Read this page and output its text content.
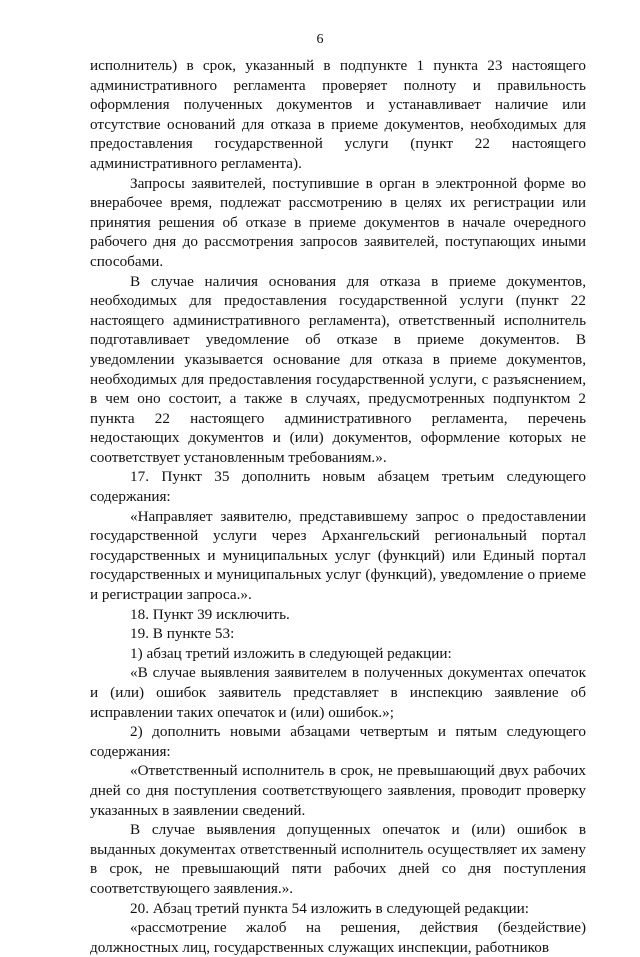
6

исполнитель) в срок, указанный в подпункте 1 пункта 23 настоящего административного регламента проверяет полноту и правильность оформления полученных документов и устанавливает наличие или отсутствие оснований для отказа в приеме документов, необходимых для предоставления государственной услуги (пункт 22 настоящего административного регламента).

Запросы заявителей, поступившие в орган в электронной форме во внерабочее время, подлежат рассмотрению в целях их регистрации или принятия решения об отказе в приеме документов в начале очередного рабочего дня до рассмотрения запросов заявителей, поступающих иными способами.

В случае наличия основания для отказа в приеме документов, необходимых для предоставления государственной услуги (пункт 22 настоящего административного регламента), ответственный исполнитель подготавливает уведомление об отказе в приеме документов. В уведомлении указывается основание для отказа в приеме документов, необходимых для предоставления государственной услуги, с разъяснением, в чем оно состоит, а также в случаях, предусмотренных подпунктом 2 пункта 22 настоящего административного регламента, перечень недостающих документов и (или) документов, оформление которых не соответствует установленным требованиям.».

17. Пункт 35 дополнить новым абзацем третьим следующего содержания:

«Направляет заявителю, представившему запрос о предоставлении государственной услуги через Архангельский региональный портал государственных и муниципальных услуг (функций) или Единый портал государственных и муниципальных услуг (функций), уведомление о приеме и регистрации запроса.».

18. Пункт 39 исключить.

19. В пункте 53:

1) абзац третий изложить в следующей редакции:

«В случае выявления заявителем в полученных документах опечаток и (или) ошибок заявитель представляет в инспекцию заявление об исправлении таких опечаток и (или) ошибок.»;

2) дополнить новыми абзацами четвертым и пятым следующего содержания:

«Ответственный исполнитель в срок, не превышающий двух рабочих дней со дня поступления соответствующего заявления, проводит проверку указанных в заявлении сведений.

В случае выявления допущенных опечаток и (или) ошибок в выданных документах ответственный исполнитель осуществляет их замену в срок, не превышающий пяти рабочих дней со дня поступления соответствующего заявления.».

20. Абзац третий пункта 54 изложить в следующей редакции:

«рассмотрение жалоб на решения, действия (бездействие) должностных лиц, государственных служащих инспекции, работников
